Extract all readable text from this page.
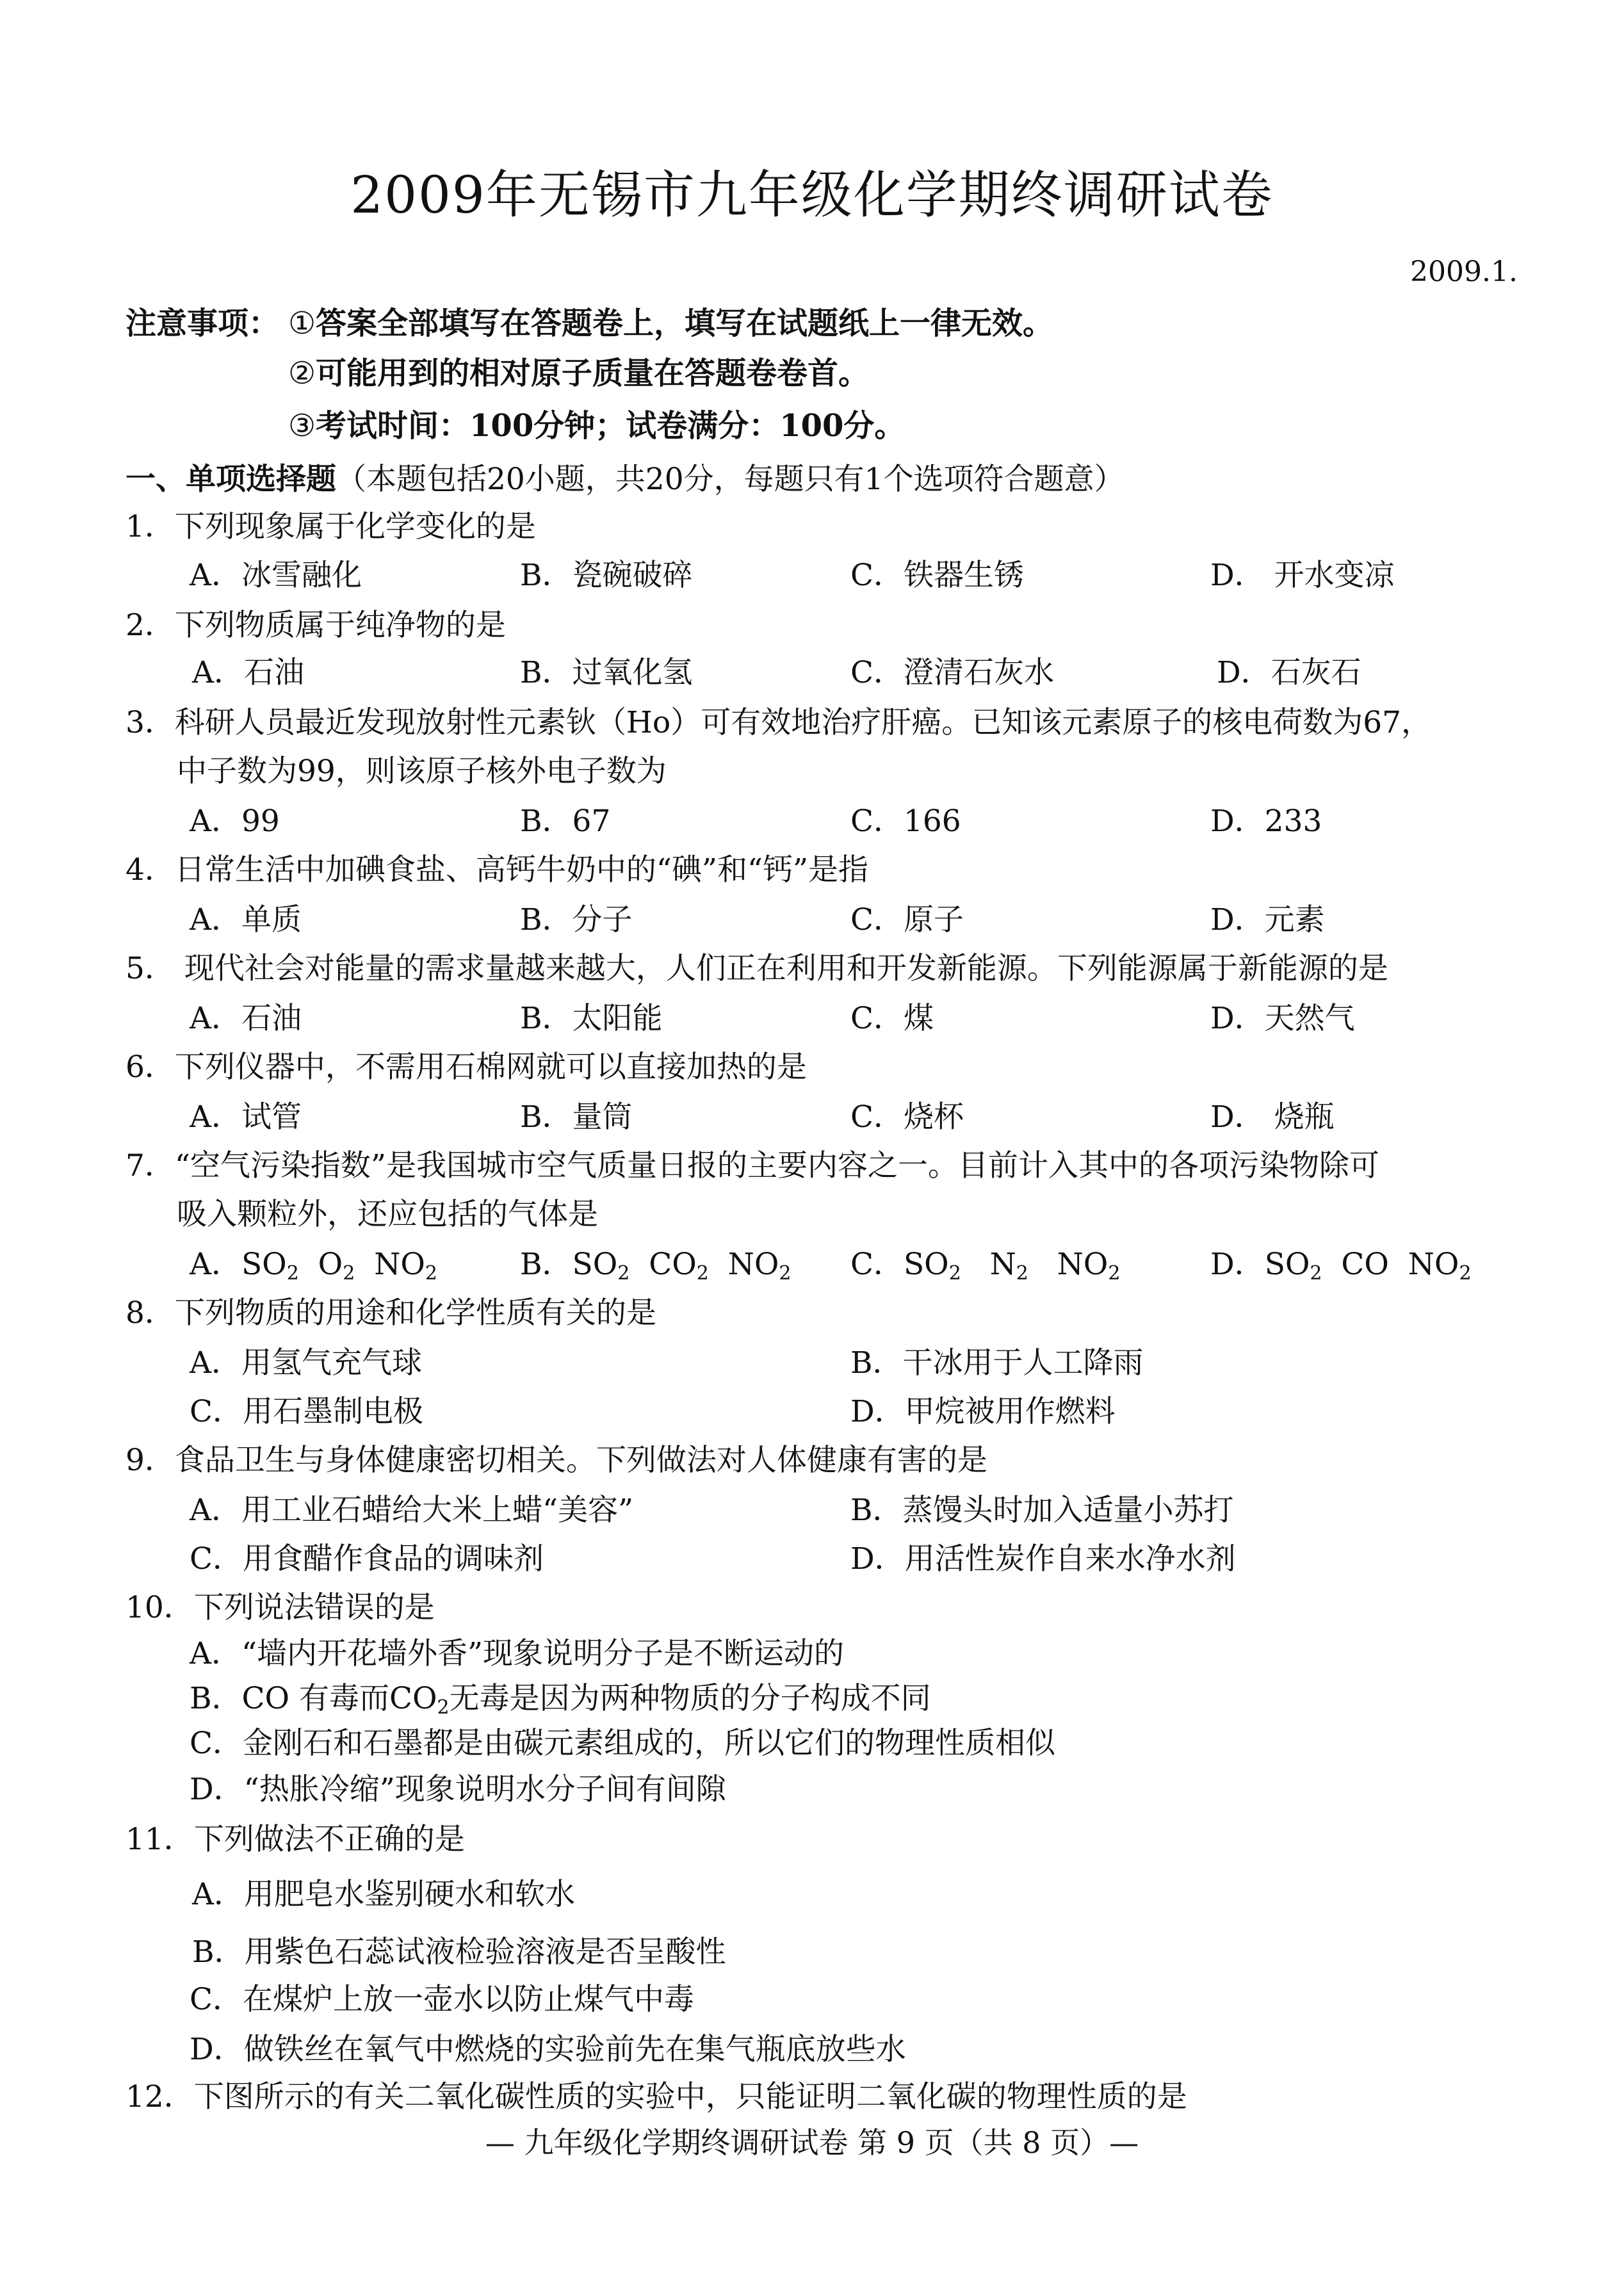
2009年无锡市九年级化学期终调研试卷
2009.1.
注意事项： ①答案全部填写在答题卷上，填写在试题纸上一律无效。
②可能用到的相对原子质量在答题卷卷首。
③考试时间：100分钟；试卷满分：100分。
一、单项选择题（本题包括20小题，共20分，每题只有1个选项符合题意）
1．下列现象属于化学变化的是
A．冰雪融化	B．瓷碗破碎	C．铁器生锈	D． 开水变凉
2．下列物质属于纯净物的是
A．石油	B．过氧化氢	C．澄清石灰水	D．石灰石
3．科研人员最近发现放射性元素钬（Ho）可有效地治疗肝癌。已知该元素原子的核电荷数为67，
中子数为99，则该原子核外电子数为
A．99	B．67	C．166	D．233
4．日常生活中加碘食盐、高钙牛奶中的“碘”和“钙”是指
A．单质	B．分子	C．原子	D．元素
5． 现代社会对能量的需求量越来越大，人们正在利用和开发新能源。下列能源属于新能源的是
A．石油	B．太阳能	C．煤	D．天然气
6．下列仪器中，不需用石棉网就可以直接加热的是
A．试管	B．量筒	C．烧杯	D． 烧瓶
7．“空气污染指数”是我国城市空气质量日报的主要内容之一。目前计入其中的各项污染物除可
吸入颗粒外，还应包括的气体是
A．$SO_2$ $O_2$ $NO_2$	B．$SO_2$ $CO_2$ $NO_2$ C．$SO_2$ $N_2$ $NO_2$	D．$SO_2$ CO $NO_2$
8．下列物质的用途和化学性质有关的是
A．用氢气充气球	B．干冰用于人工降雨
C．用石墨制电极	D．甲烷被用作燃料
9．食品卫生与身体健康密切相关。下列做法对人体健康有害的是
A．用工业石蜡给大米上蜡“美容”	B．蒸馒头时加入适量小苏打
C．用食醋作食品的调味剂	D．用活性炭作自来水净水剂
10．下列说法错误的是
A．“墙内开花墙外香”现象说明分子是不断运动的
B．CO 有毒而$CO_2$无毒是因为两种物质的分子构成不同
C．金刚石和石墨都是由碳元素组成的，所以它们的物理性质相似
D．“热胀冷缩”现象说明水分子间有间隙
11．下列做法不正确的是
A．用肥皂水鉴别硬水和软水
B．用紫色石蕊试液检验溶液是否呈酸性
C．在煤炉上放一壶水以防止煤气中毒
D．做铁丝在氧气中燃烧的实验前先在集气瓶底放些水
12．下图所示的有关二氧化碳性质的实验中，只能证明二氧化碳的物理性质的是
— 九年级化学期终调研试卷 第 9 页（共 8 页）—
